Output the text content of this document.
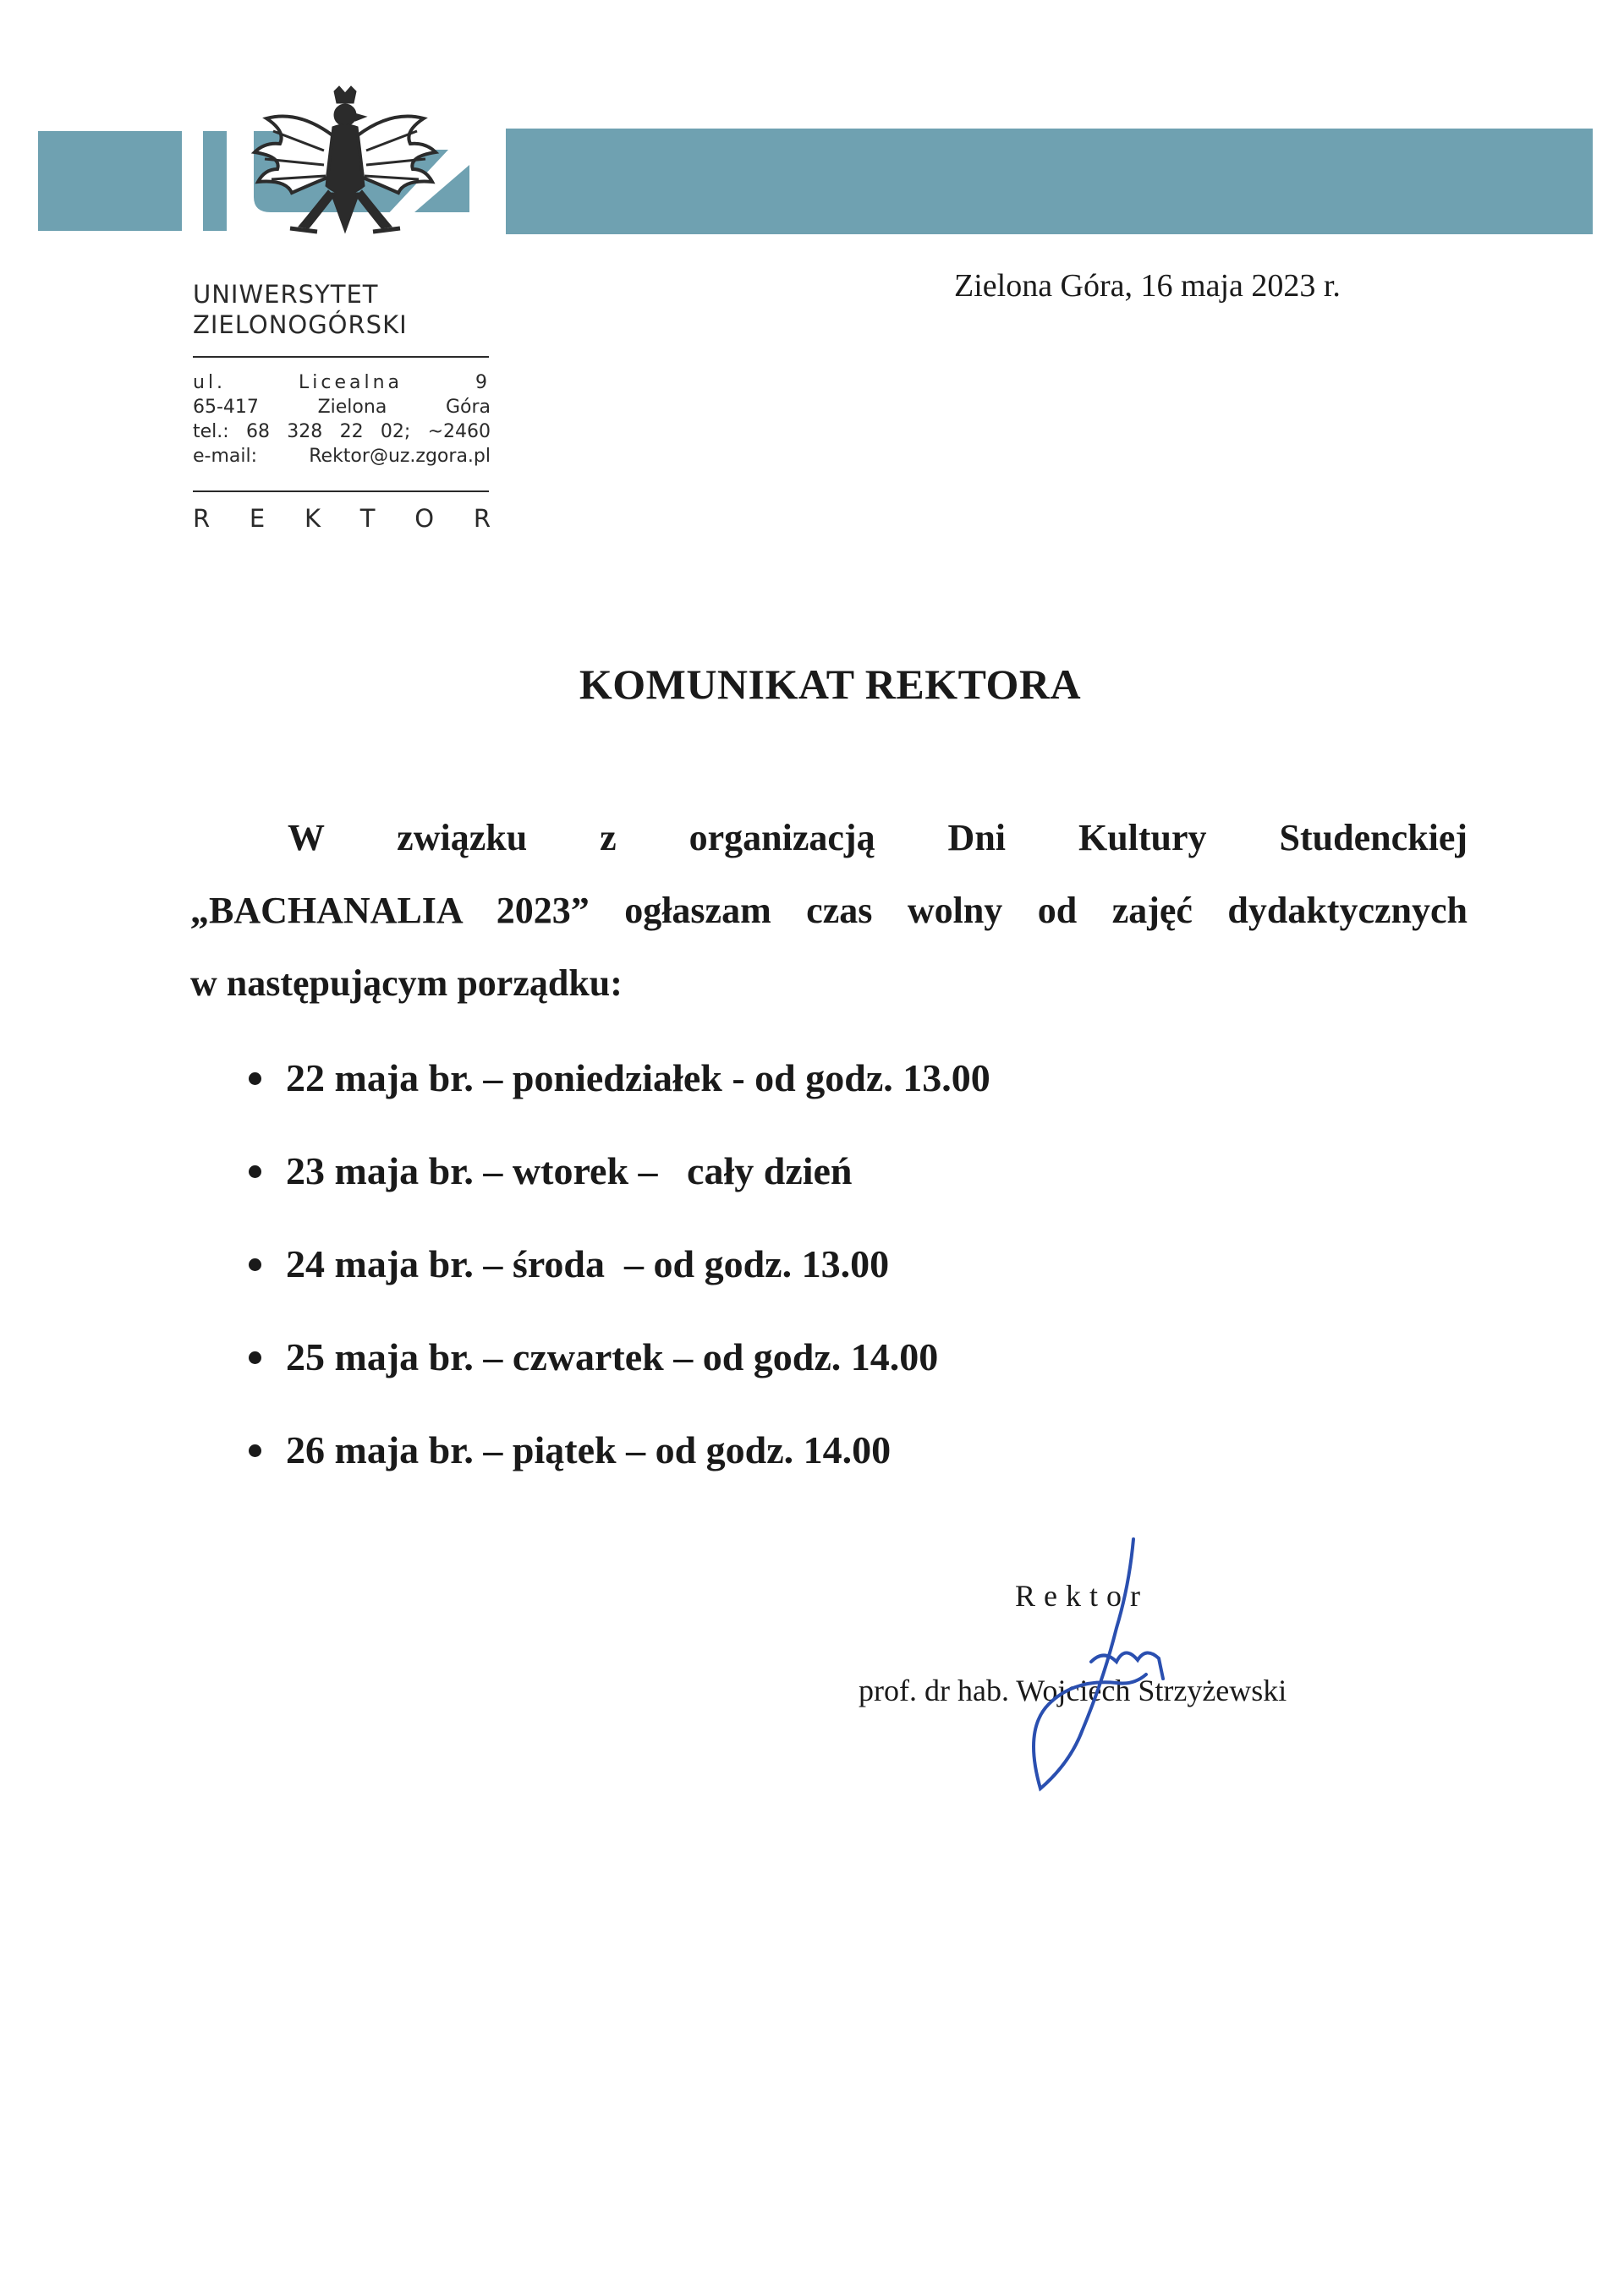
UNIWERSYTET
ZIELONOGÓRSKI
ul. Licealna 9
65-417 Zielona Góra
tel.: 68 328 22 02; ~2460
e-mail: Rektor@uz.zgora.pl
R E K T O R
Zielona Góra, 16 maja 2023 r.
KOMUNIKAT REKTORA
W związku z organizacją Dni Kultury Studenckiej
„BACHANALIA 2023” ogłaszam czas wolny od zajęć dydaktycznych
w następującym porządku:
22 maja br. – poniedziałek - od godz. 13.00
23 maja br. – wtorek –   cały dzień
24 maja br. – środa  – od godz. 13.00
25 maja br. – czwartek – od godz. 14.00
26 maja br. – piątek – od godz. 14.00
Rektor
prof. dr hab. Wojciech Strzyżewski
